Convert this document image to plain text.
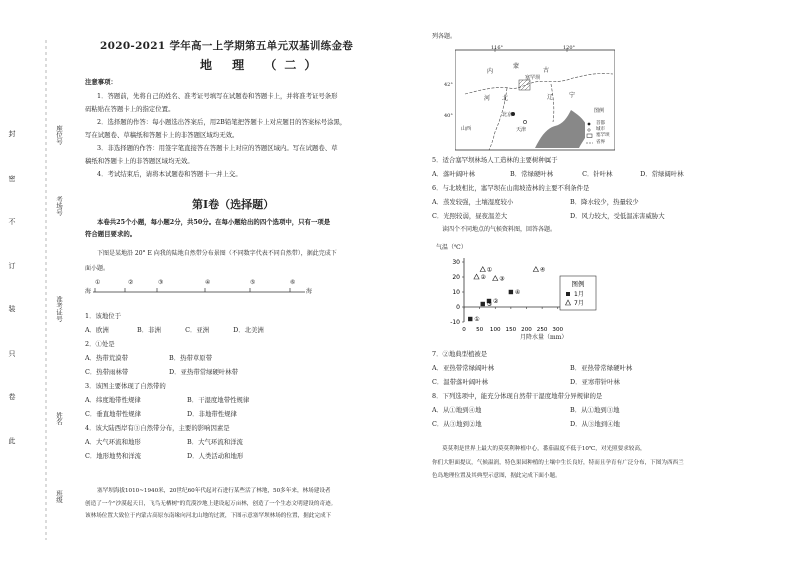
封
密
不
订
装
只
卷
此
座位号
考场号
准考证号
姓名
班级
2020-2021 学年高一上学期第五单元双基训练金卷
地 理 （二）
注意事项：
1．答题前，先将自己的姓名、准考证号填写在试题卷和答题卡上，并将准考证号条形
码粘贴在答题卡上的指定位置。
2．选择题的作答：每小题选出答案后，用2B铅笔把答题卡上对应题目的答案标号涂黑，
写在试题卷、草稿纸和答题卡上的非答题区域均无效。
3．非选择题的作答：用签字笔直接答在答题卡上对应的答题区域内。写在试题卷、草
稿纸和答题卡上的非答题区域均无效。
4．考试结束后，请将本试题卷和答题卡一并上交。
第Ⅰ卷（选择题）
本卷共25个小题，每小题2分，共50分。在每小题给出的四个选项中，只有一项是
符合题目要求的。
下图是某地沿 20° E 向我的陆地自然带分布景图（不同数字代表不同自然带），据此完成下
面小题。
海	海
①	②	③	④	⑤	⑥
1．该地位于
A．欧洲	B．非洲	C．亚洲	D．北美洲
2．①处是
A．热带荒漠带	B．热带草原带
C．热带雨林带	D．亚热带常绿硬叶林带
3．该图主要体现了自然带的
A．纬度地带性规律	B．干湿度地带性规律
C．垂直地带性规律	D．非地带性规律
4．该大陆西岸有③自然带分布，主要的影响因素是
A．大气环流和地形	B．大气环流和洋流
C．地形地势和洋流	D．人类活动和地形
塞罕坝海拔1010~1940米，20世纪60年代起对石进行某些活了林地，50多年来，林场建设者
创造了一个"沙漠起天日，飞鸟无栖树"的荒漠沙地上建设起万亩林，创造了一个生态文明建设的奇迹。
该林场位置大致位于内蒙古高原东南缘向河北山地的过渡，下图示意塞罕坝林场的位置，据此完成下
列各题。
116°	120°
42°
40°
内
蒙
古
河 北	辽	宁
北京
天津
山西
塞罕坝
图例
首都
城市
塞罕坝
省界
5．适合塞罕坝林场人工造林的主要树种属于
A．落叶阔叶林	B．常绿硬叶林	C．针叶林	D．常绿阔叶林
6．与北坡相比，塞罕坝在山南坡造林的主要不利条件是
A．蒸发较强，土壤湿度较小	B．降水较少，热量较少
C．光照较弱，昼夜温差大	D．风力较大，受低温冻害威胁大
读四个不同地点的气候资料图，回答各题。
30
20
10
0
-10
0 50 100 150 200 250 300
①
②
③
④
①
② ③
④
图例
1月
7月
气温（℃）
月降水量（mm）
7．②地典型植被是
A．亚热带常绿阔叶林	B．亚热带常绿硬叶林
C．温带落叶阔叶林	D．亚寒带针叶林
8．下列选项中，能充分体现自然带干湿度地带分异规律的是
A．从①地到④地	B．从①地到③地
C．从③地到②地	D．从③地到④地
莫莫利是世界上最大的莫莫利种植中心，番茄温度不低于10℃，对光照要求较高，
你们大胆面提议，气候温润，特色果园种植的土壤中生长良好，特而且孕育有广泛分布，下图为西西兰
色岛地理位置及其典型示意图，据此完成下面小题。
